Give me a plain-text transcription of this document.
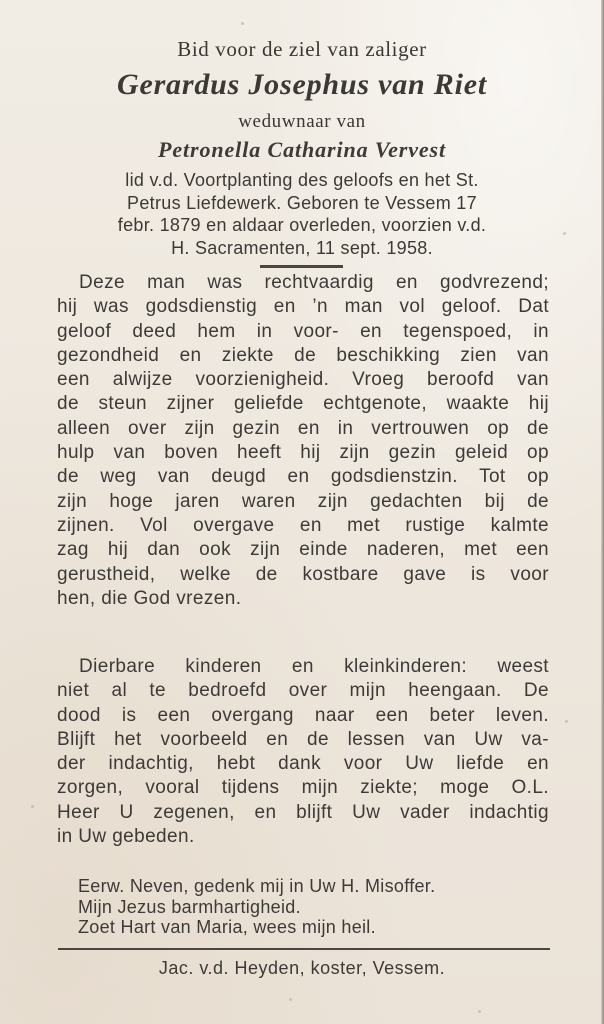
Bid voor de ziel van zaliger
Gerardus Josephus van Riet
weduwnaar van
Petronella Catharina Vervest
lid v.d. Voortplanting des geloofs en het St.
Petrus Liefdewerk. Geboren te Vessem 17
febr. 1879 en aldaar overleden, voorzien v.d.
H. Sacramenten, 11 sept. 1958.
Deze man was rechtvaardig en godvrezend;
hij was godsdienstig en ’n man vol geloof. Dat
geloof deed hem in voor- en tegenspoed, in
gezondheid en ziekte de beschikking zien van
een alwijze voorzienigheid. Vroeg beroofd van
de steun zijner geliefde echtgenote, waakte hij
alleen over zijn gezin en in vertrouwen op de
hulp van boven heeft hij zijn gezin geleid op
de weg van deugd en godsdienstzin. Tot op
zijn hoge jaren waren zijn gedachten bij de
zijnen. Vol overgave en met rustige kalmte
zag hij dan ook zijn einde naderen, met een
gerustheid, welke de kostbare gave is voor
hen, die God vrezen.
Dierbare kinderen en kleinkinderen: weest
niet al te bedroefd over mijn heengaan. De
dood is een overgang naar een beter leven.
Blijft het voorbeeld en de lessen van Uw va-
der indachtig, hebt dank voor Uw liefde en
zorgen, vooral tijdens mijn ziekte; moge O.L.
Heer U zegenen, en blijft Uw vader indachtig
in Uw gebeden.
Eerw. Neven, gedenk mij in Uw H. Misoffer.
Mijn Jezus barmhartigheid.
Zoet Hart van Maria, wees mijn heil.
Jac. v.d. Heyden, koster, Vessem.
